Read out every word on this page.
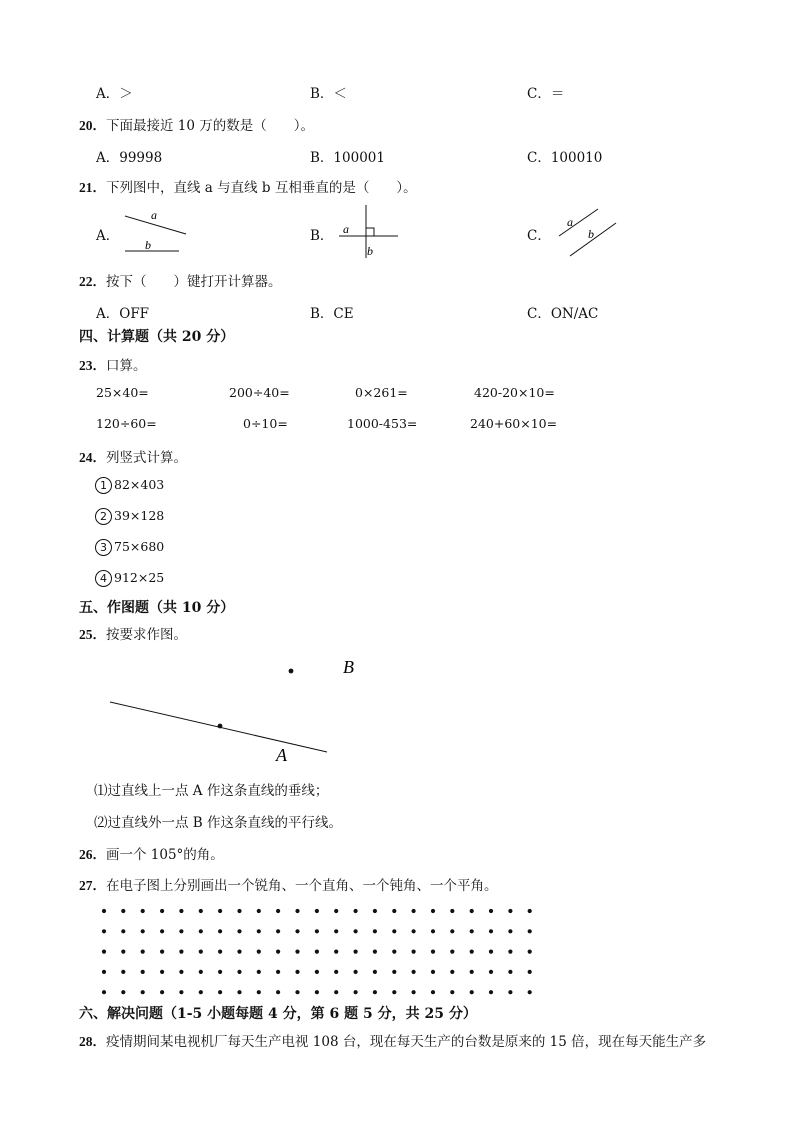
A．＞	B．＜	C．＝
20．下面最接近 10 万的数是（　　）。
A．99998	B．100001	C．100010
21．下列图中，直线 a 与直线 b 互相垂直的是（　　）。
A．	B．	C．
a
b
a
b
a
b
B
A
22．按下（　　）键打开计算器。
A．OFF	B．CE	C．ON/AC
四、计算题（共 20 分）
23．口算。
25×40=	200÷40=	0×261=	420-20×10=
120÷60=	0÷10=	1000-453=	240+60×10=
24．列竖式计算。
1 82×403
2 39×128
3 75×680
4 912×25
五、作图题（共 10 分）
25．按要求作图。
⑴过直线上一点 A 作这条直线的垂线；
⑵过直线外一点 B 作这条直线的平行线。
26．画一个 105°的角。
27．在电子图上分别画出一个锐角、一个直角、一个钝角、一个平角。
六、解决问题（1-5 小题每题 4 分，第 6 题 5 分，共 25 分）
28．疫情期间某电视机厂每天生产电视 108 台，现在每天生产的台数是原来的 15 倍，现在每天能生产多
